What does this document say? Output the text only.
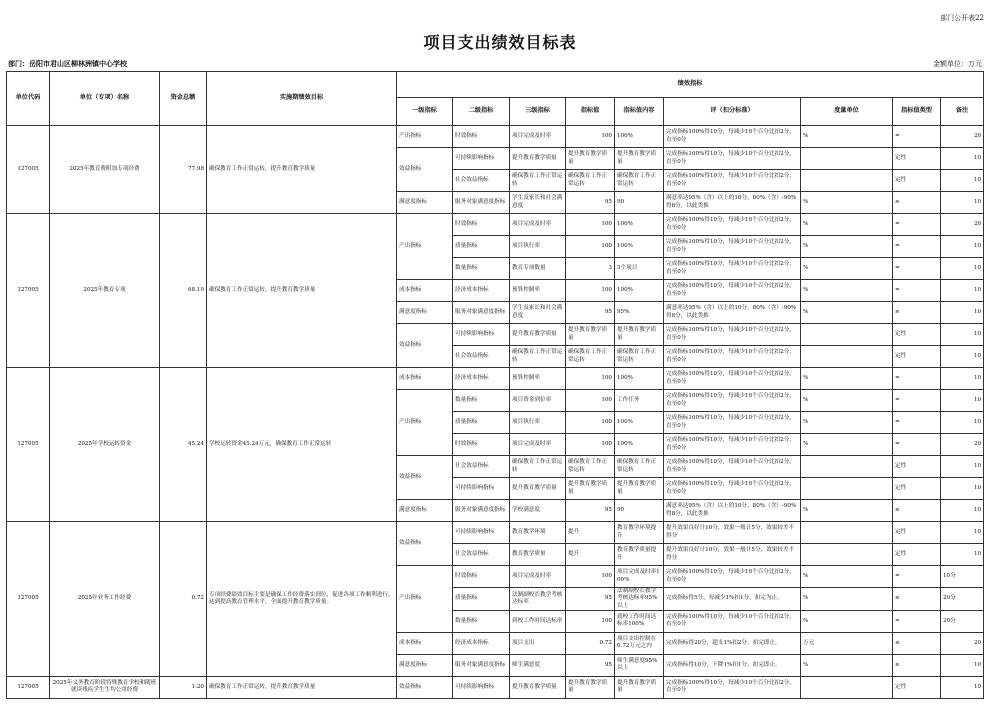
部门公开表22
项目支出绩效目标表
部门：岳阳市君山区柳林洲镇中心学校	金额单位：万元
单位代码	单位（专项）名称	资金总额	实施期绩效目标	绩效指标								
				一级指标	二级指标	三级指标	指标值	指标值内容	评（扣分标准）	度量单位	指标值类型	备注
127005	2025年教育费附加专项经费	77.98	确保教育工作正常运转，提升教育教学质量	产出指标	时效指标	项目完成及时率	100	100%	完成指标100%得10分，每减少10个百分比扣2分，直至0分	%	=	20
				效益指标	可持续影响指标	提升教育教学质量	提升教育教学质量	提升教育教学质量	完成指标100%得10分，每减少10个百分比扣2分，直至0分		定性	10
					社会效益指标	确保教育工作正常运转	确保教育工作正常运转	确保教育工作正常运转	完成指标100%得10分，每减少10个百分比扣2分，直至0分		定性	10
				满意度指标	服务对象满意度指标	学生及家长和社会满意度	95	90	满意率达95%（含）以上的10分，80%（含）-90%得8分，以此类推	%	≥	10
127005	2025年教育专项	68.10	确保教育工作正常运转，提升教育教学质量	产出指标	时效指标	项目完成及时率	100	100%	完成指标100%得10分，每减少10个百分比扣2分，直至0分	%	=	20
					质量指标	项目执行率	100	100%	完成指标100%得10分，每减少10个百分比扣2分，直至0分	%	=	10
					数量指标	教育专项数量	3	3个项目	完成指标100%得10分，每减少10个百分比扣2分，直至0分	%	=	10
				成本指标	经济成本指标	预算控制率	100	100%	完成指标100%得10分，每减少10个百分比扣2分，直至0分	%	=	10
				满意度指标	服务对象满意度指标	学生及家长和社会满意度	95	95%	满意率达95%（含）以上的10分，80%（含）-90%得8分，以此类推	%	≥	10
				效益指标	可持续影响指标	提升教育教学质量	提升教育教学质量	提升教育教学质量	完成指标100%得10分，每减少10个百分比扣2分，直至0分		定性	10
					社会效益指标	确保教育工作正常运转	确保教育工作正常运转	确保教育工作正常运转	完成指标100%得10分，每减少10个百分比扣2分，直至0分		定性	10
127005	2025年学校运转资金	45.24	学校运转资金45.24万元，确保教育工作正常运转	成本指标	经济成本指标	预算控制率	100	100%	完成指标100%得10分，每减少10个百分比扣2分，直至0分	%	=	10
				产出指标	数量指标	项目资金到位率	100	工作任务	完成指标100%得10分，每减少10个百分比扣2分，直至0分	%	=	10
					质量指标	项目执行率	100	100%	完成指标100%得10分，每减少10个百分比扣2分，直至0分	%	=	10
					时效指标	项目完成及时率	100	100%	完成指标100%得10分，每减少10个百分比扣2分，直至0分	%	=	20
				效益指标	社会效益指标	确保教育工作正常运转	确保教育工作正常运转	确保教育工作正常运转	完成指标100%得10分，每减少10个百分比扣2分，直至0分		定性	10
					可持续影响指标	提升教育教学质量	提升教育教学质量	提升教育教学质量	完成指标100%得10分，每减少10个百分比扣2分，直至0分		定性	10
				满意度指标	服务对象满意度指标	学校满意度	95	90	满意率达95%（含）以上的10分，80%（含）-90%得8分，以此类推	%	≥	10
127005	2025年业务工作经费	0.72	专项经费绩效目标主要是确保工作经费落实到位，促进各项工作顺利进行，达到提高教育管理水平，全面提升教育教学质量。	效益指标	可持续影响指标	教育教学环境	提升	教育教学环境提升	提升效果良好计10分，效果一般计5分，效果较差不得分		定性	10
					社会效益指标	教育教学质量	提升	教育教学质量提升	提升效果良好计10分，效果一般计5分，效果较差不得分		定性	10
				产出指标	时效指标	项目完成及时率	100	项目完成及时率100%	完成指标100%得10分，每减少10个百分比扣2分，直至0分	%	=	10分
					质量指标	法制副校长教学考核达标率	95	法制副校长教学考核达标率95%以上	完成指标得5分，每减少1%扣1分，扣完为止。	%	≥	20分
					数量指标	到校工作时间达标率	100	到校工作时间达标率100%	完成指标100%得10分，每减少10个百分比扣2分，直至0分	%	=	20分
				成本指标	经济成本指标	项目支出	0.72	项目支出控制在0.72万元之内	完成指标得20分，超支1%扣2分，扣完即止。	万元	≤	20
				满意度指标	服务对象满意度指标	师生满意度	95	师生满意度95%以上	完成指标得10分，下降1%扣1分，扣完即止。	%	≥	10
127005	2025年义务教育阶段特殊教育学校和随班就读残疾学生生均公用经费	1.20	确保教育工作正常运转，提升教育教学质量	效益指标	可持续影响指标	提升教育教学质量	提升教育教学质量	提升教育教学质量	完成指标100%得10分，每减少10个百分比扣2分，直至0分		定性	10
